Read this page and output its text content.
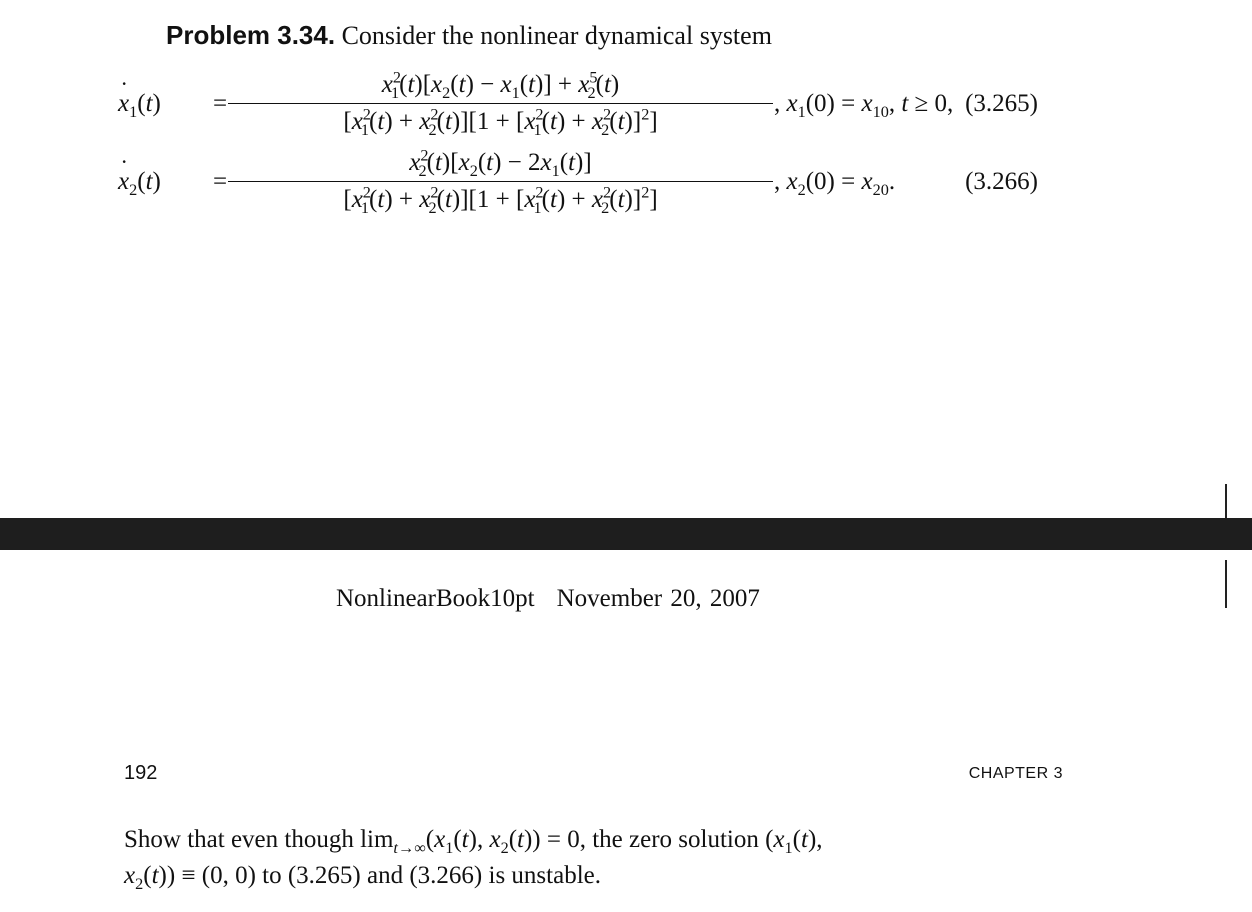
Problem 3.34. Consider the nonlinear dynamical system
˙ $x_1(t)$ =
$x^2_1(t)[x_2(t) - x_1(t)] + x^5_2(t)$
$[x^2_1(t) + x^2_2(t)][1 + [x^2_1(t) + x^2_2(t)]^2]$
, $x_1(0) = x_{10}$, t ≥ 0, (3.265)
˙ $x_2(t)$ =
$x^2_2(t)[x_2(t) - 2x_1(t)]$
$[x^2_1(t) + x^2_2(t)][1 + [x^2_1(t) + x^2_2(t)]^2]$
, $x_2(0) = x_{20}$.	(3.266)
NonlinearBook10pt November 20, 2007
192	CHAPTER 3
Show that even though $\lim_{t\to\infty}(x_1(t)$, $x_2(t)) = 0$, the zero solution ($x_1(t)$,
$x_2(t)) \equiv (0$, 0) to (3.265) and (3.266) is unstable.
